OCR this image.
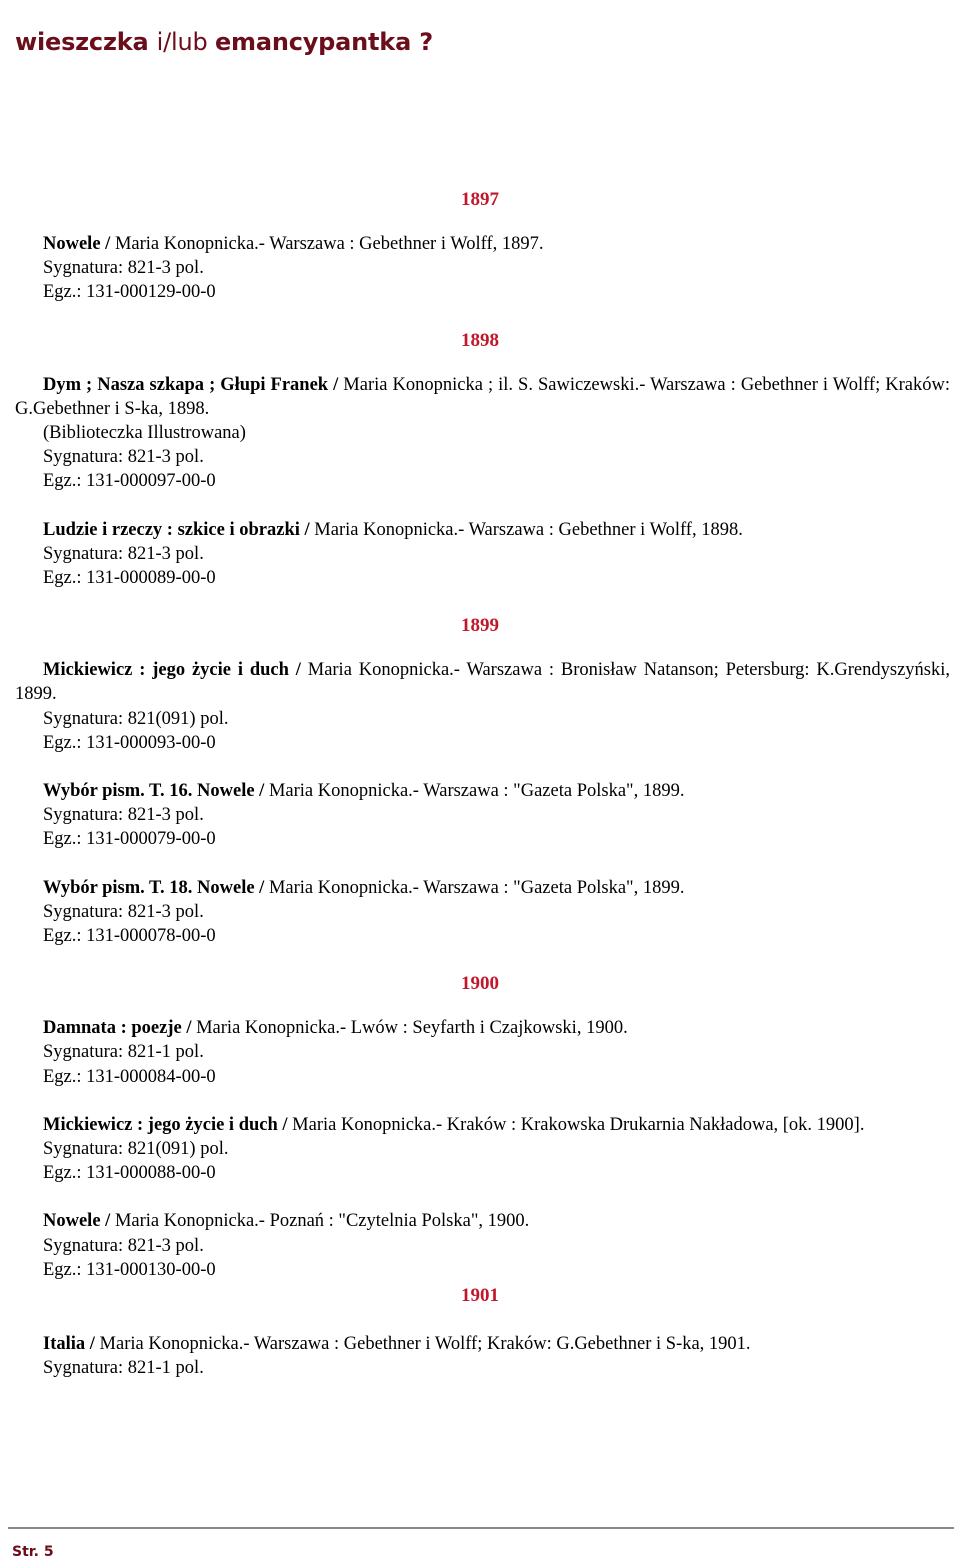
wieszczka i/lub emancypantka ?

1897

Nowele / Maria Konopnicka.- Warszawa : Gebethner i Wolff, 1897.

Sygnatura: 821-3 pol.

Egz.: 131-000129-00-0

1898

Dym ; Nasza szkapa ; Głupi Franek / Maria Konopnicka ; il. S. Sawiczewski.- Warszawa : Gebethner i Wolff; Kraków: G.Gebethner i S-ka, 1898.

(Biblioteczka Illustrowana)

Sygnatura: 821-3 pol.

Egz.: 131-000097-00-0

Ludzie i rzeczy : szkice i obrazki / Maria Konopnicka.- Warszawa : Gebethner i Wolff, 1898.

Sygnatura: 821-3 pol.

Egz.: 131-000089-00-0

1899

Mickiewicz : jego życie i duch / Maria Konopnicka.- Warszawa : Bronisław Natanson; Petersburg: K.Grendyszyński, 1899.

Sygnatura: 821(091) pol.

Egz.: 131-000093-00-0

Wybór pism. T. 16. Nowele / Maria Konopnicka.- Warszawa : "Gazeta Polska", 1899.

Sygnatura: 821-3 pol.

Egz.: 131-000079-00-0

Wybór pism. T. 18. Nowele / Maria Konopnicka.- Warszawa : "Gazeta Polska", 1899.

Sygnatura: 821-3 pol.

Egz.: 131-000078-00-0

1900

Damnata : poezje / Maria Konopnicka.- Lwów : Seyfarth i Czajkowski, 1900.

Sygnatura: 821-1 pol.

Egz.: 131-000084-00-0

Mickiewicz : jego życie i duch / Maria Konopnicka.- Kraków : Krakowska Drukarnia Nakładowa, [ok. 1900].

Sygnatura: 821(091) pol.

Egz.: 131-000088-00-0

Nowele / Maria Konopnicka.- Poznań : "Czytelnia Polska", 1900.

Sygnatura: 821-3 pol.

Egz.: 131-000130-00-0

1901

Italia / Maria Konopnicka.- Warszawa : Gebethner i Wolff; Kraków: G.Gebethner i S-ka, 1901.

Sygnatura: 821-1 pol.

Str. 5
